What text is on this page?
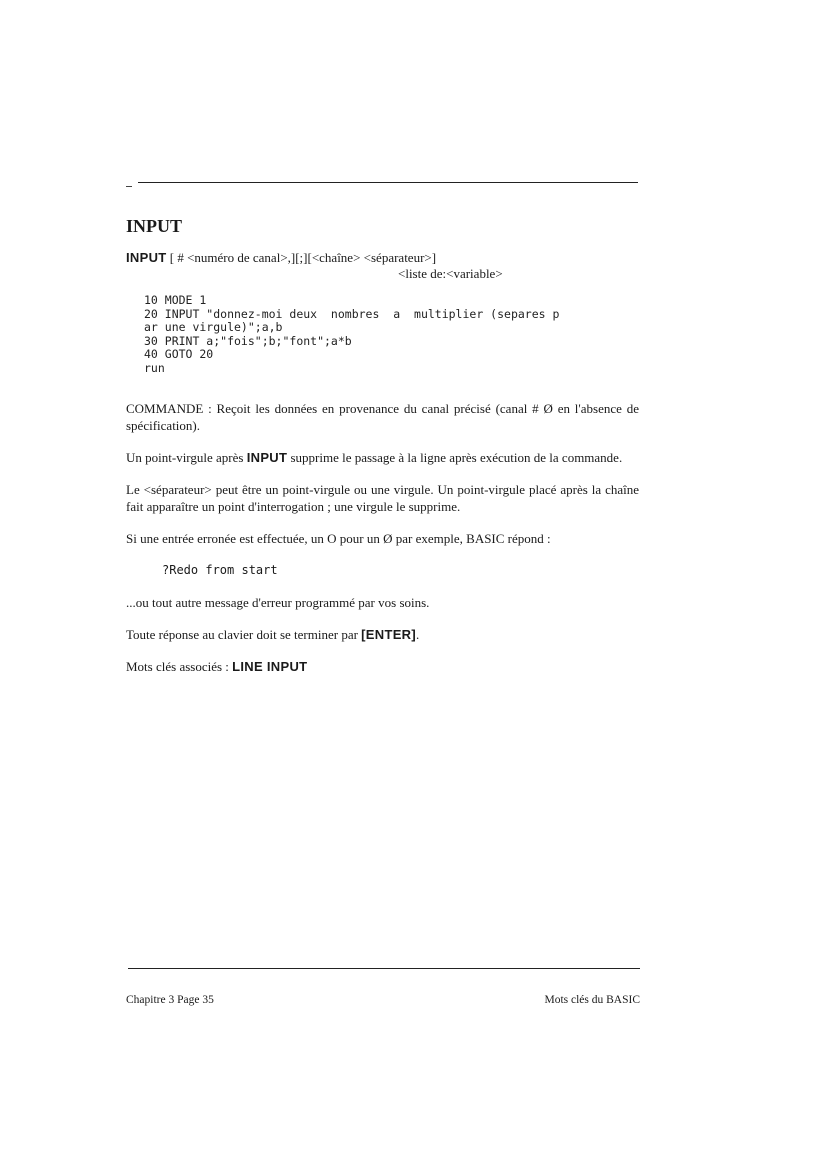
INPUT
INPUT [ # <numéro de canal>,][;][<chaîne> <séparateur>]
<liste de:<variable>
10 MODE 1
20 INPUT "donnez-moi deux  nombres  a  multiplier (separes p
ar une virgule)";a,b
30 PRINT a;"fois";b;"font";a*b
40 GOTO 20
run

COMMANDE : Reçoit les données en provenance du canal précisé (canal # Ø en l'absence de spécification).

Un point-virgule après INPUT supprime le passage à la ligne après exécution de la commande.

Le <séparateur> peut être un point-virgule ou une virgule. Un point-virgule placé après la chaîne fait apparaître un point d'interrogation ; une virgule le supprime.

Si une entrée erronée est effectuée, un O pour un Ø par exemple, BASIC répond :

?Redo from start

...ou tout autre message d'erreur programmé par vos soins.

Toute réponse au clavier doit se terminer par [ENTER].

Mots clés associés : LINE INPUT

Chapitre 3 Page 35	Mots clés du BASIC
